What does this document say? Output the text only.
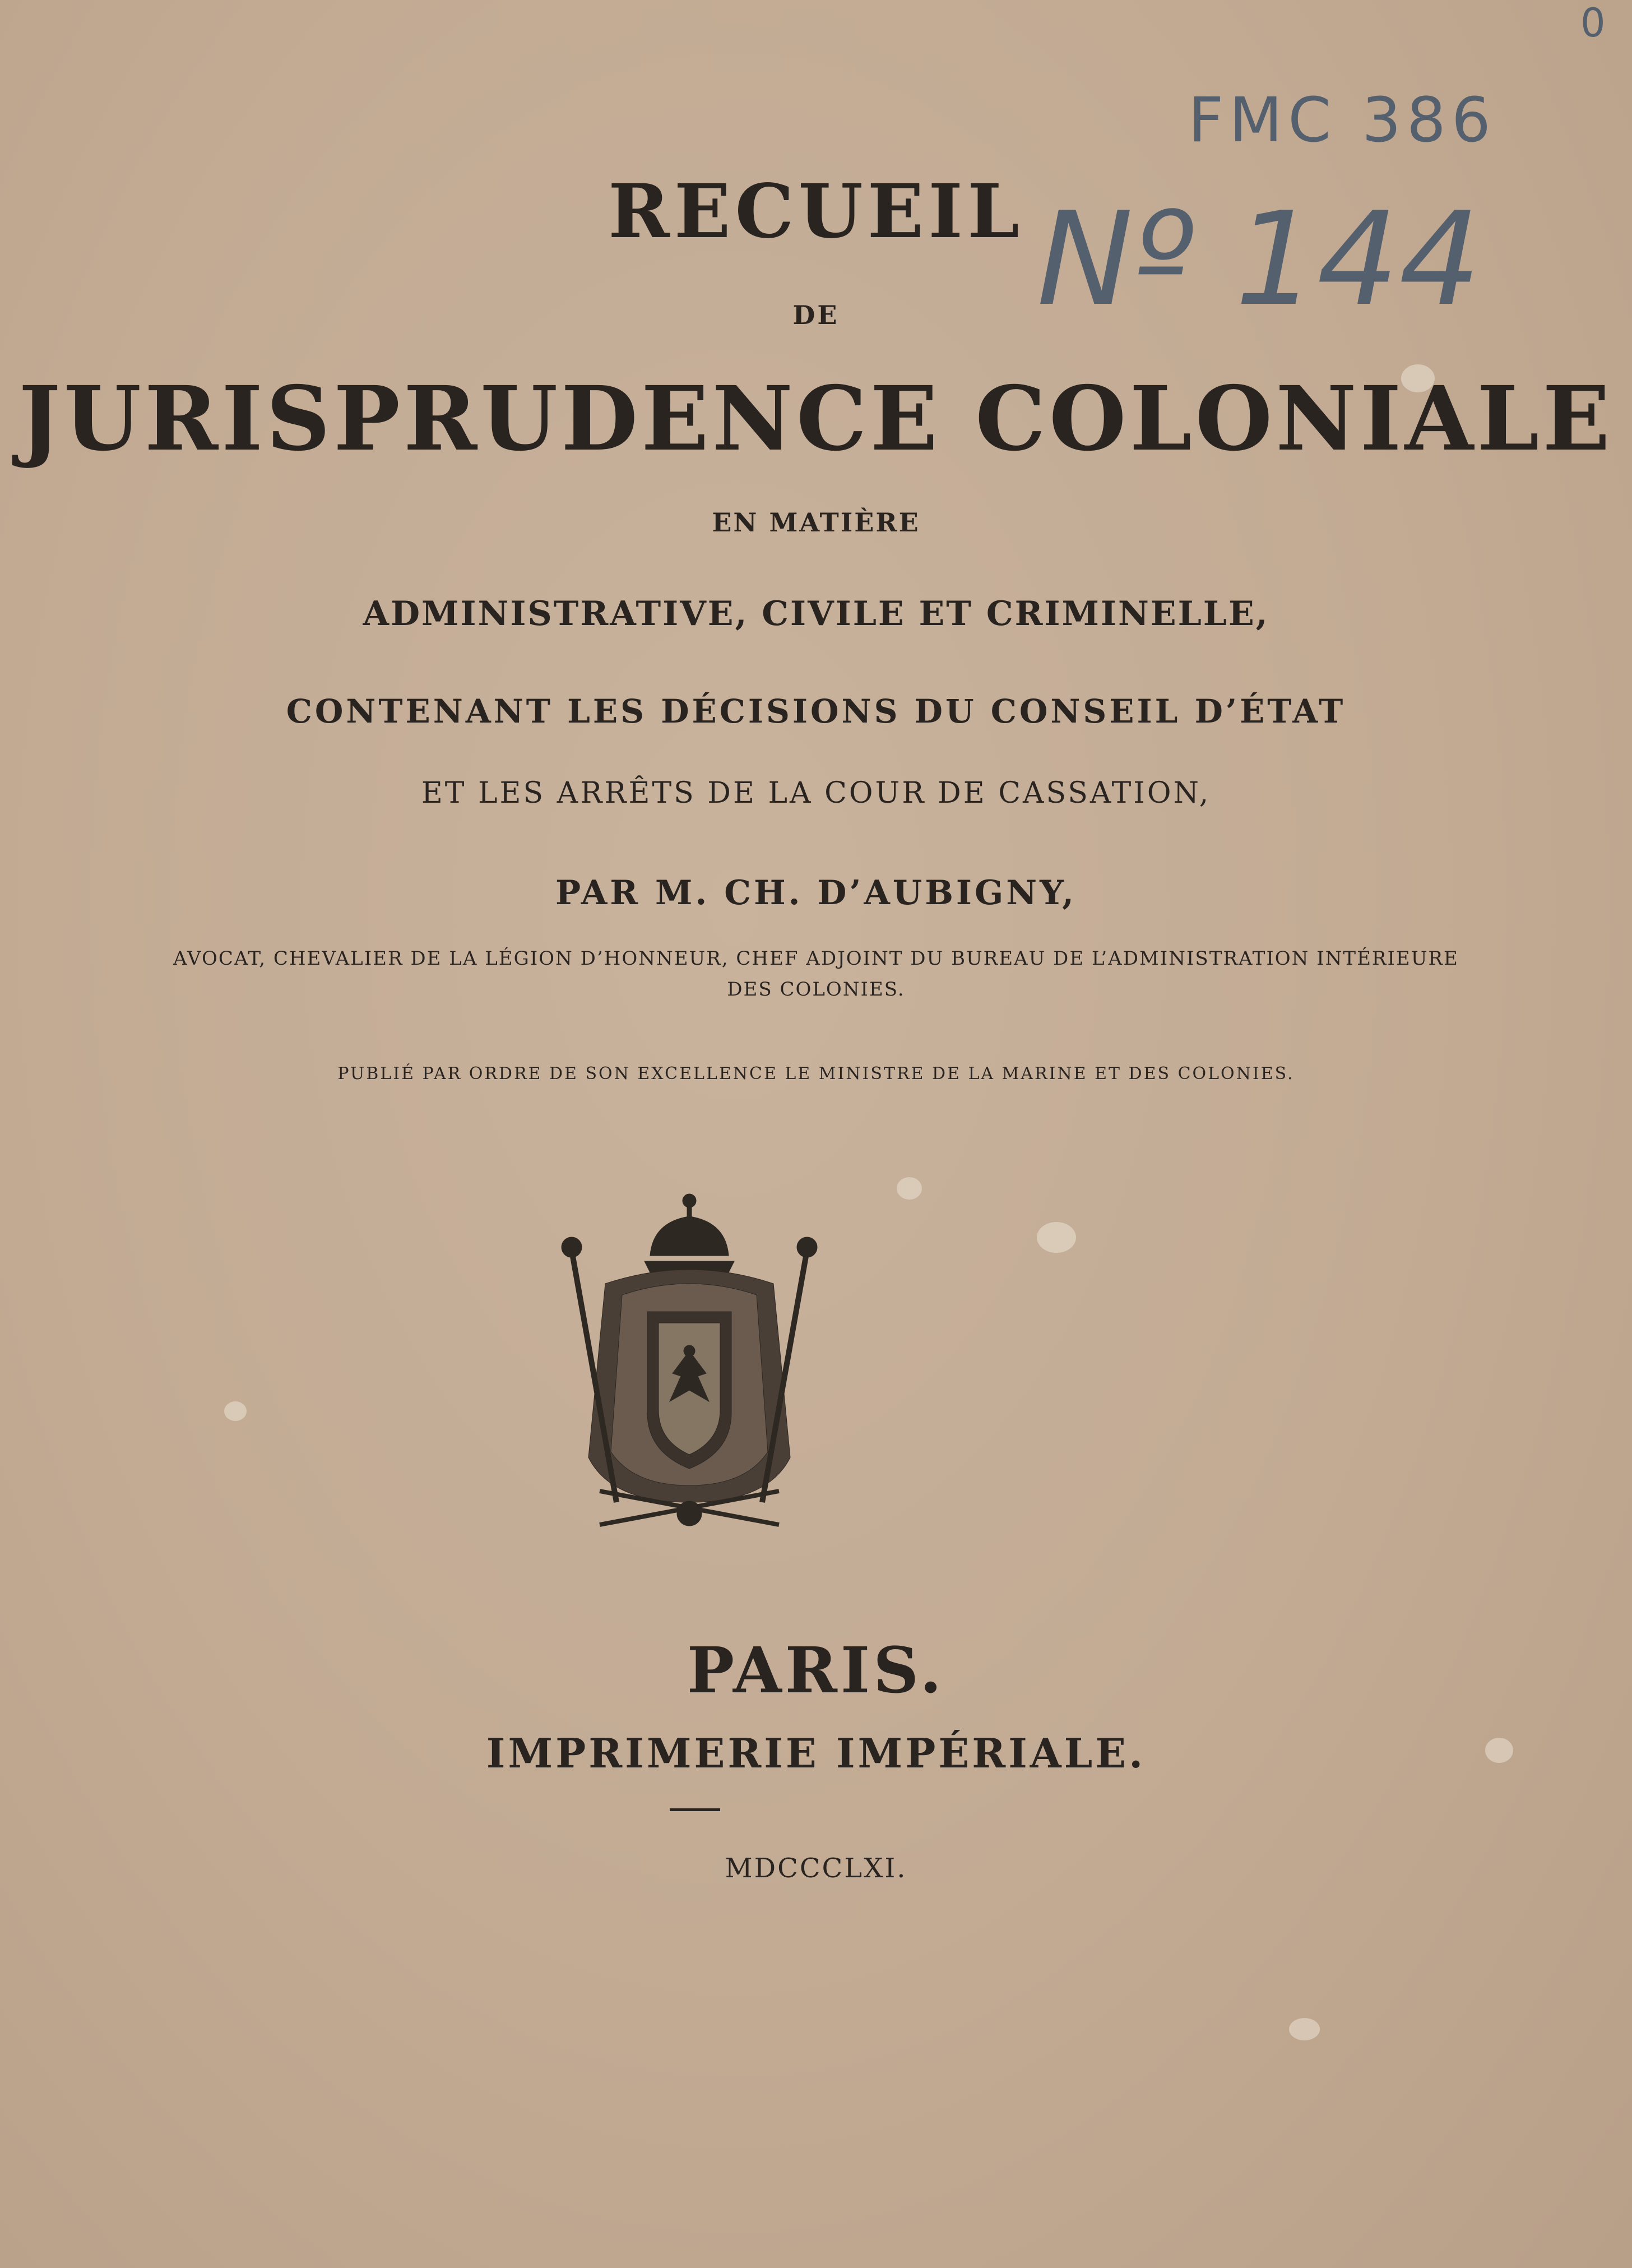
0
FMC 386
Nº 144
RECUEIL
DE
JURISPRUDENCE COLONIALE
EN MATIÈRE
ADMINISTRATIVE, CIVILE ET CRIMINELLE,
CONTENANT LES DÉCISIONS DU CONSEIL D’ÉTAT
ET LES ARRÊTS DE LA COUR DE CASSATION,
PAR M. CH. D’AUBIGNY,
AVOCAT, CHEVALIER DE LA LÉGION D’HONNEUR, CHEF ADJOINT DU BUREAU DE L’ADMINISTRATION INTÉRIEURE
DES COLONIES.
PUBLIÉ PAR ORDRE DE SON EXCELLENCE LE MINISTRE DE LA MARINE ET DES COLONIES.
PARIS.
IMPRIMERIE IMPÉRIALE.
MDCCCLXI.
